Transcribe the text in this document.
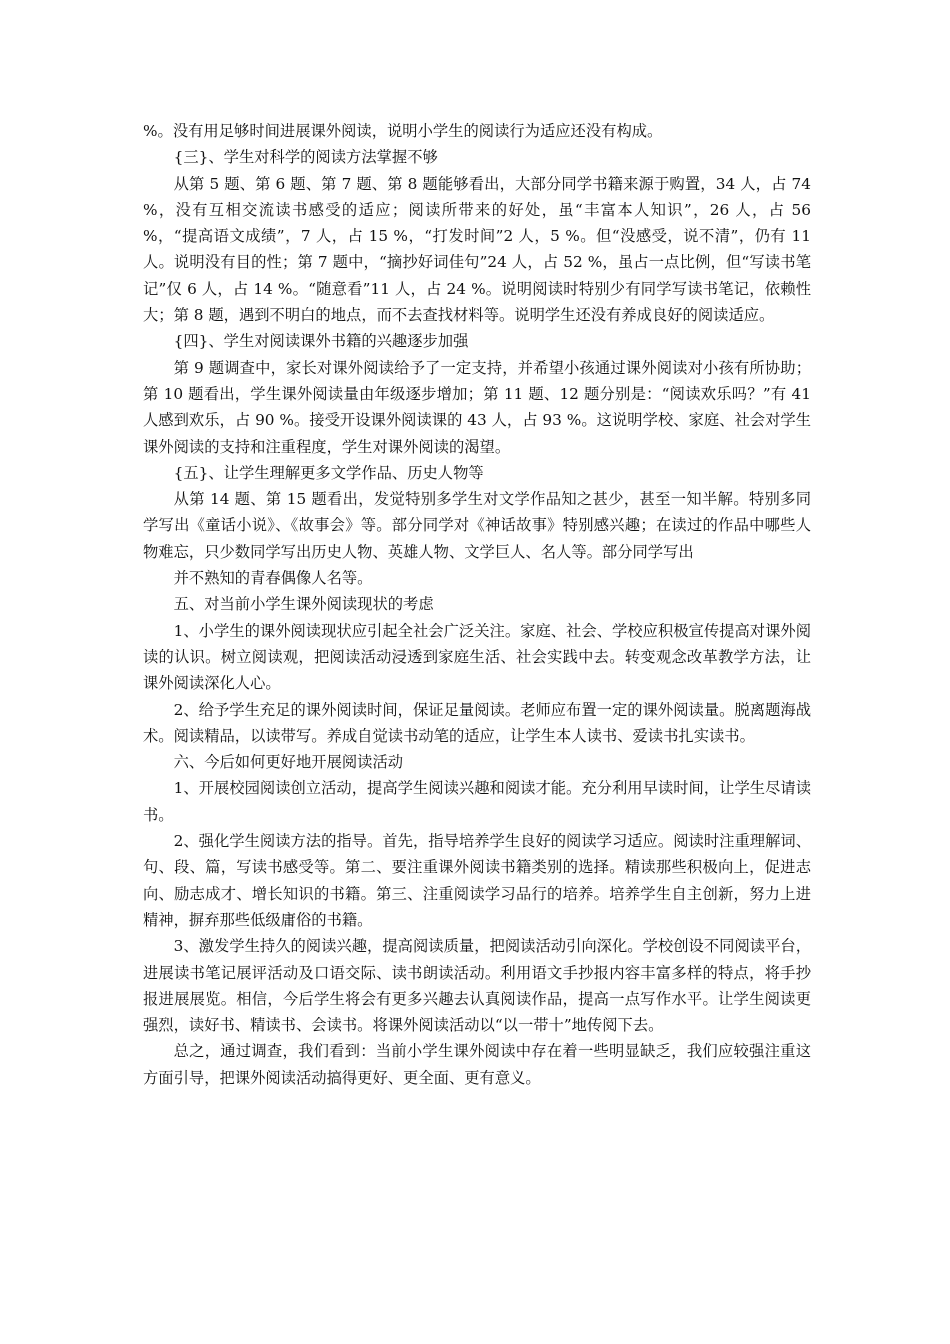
%。没有用足够时间进展课外阅读，说明小学生的阅读行为适应还没有构成。

{三}、学生对科学的阅读方法掌握不够

从第 5 题、第 6 题、第 7 题、第 8 题能够看出，大部分同学书籍来源于购置，34 人，占 74 %，没有互相交流读书感受的适应；阅读所带来的好处，虽“丰富本人知识”，26 人，占 56 %，“提高语文成绩”，7 人，占 15 %，“打发时间”2 人，5 %。但“没感受，说不清”，仍有 11 人。说明没有目的性；第 7 题中，“摘抄好词佳句”24 人，占 52 %，虽占一点比例，但“写读书笔记”仅 6 人，占 14 %。“随意看”11 人，占 24 %。说明阅读时特别少有同学写读书笔记，依赖性大；第 8 题，遇到不明白的地点，而不去查找材料等。说明学生还没有养成良好的阅读适应。

{四}、学生对阅读课外书籍的兴趣逐步加强

第 9 题调查中，家长对课外阅读给予了一定支持，并希望小孩通过课外阅读对小孩有所协助；第 10 题看出，学生课外阅读量由年级逐步增加；第 11 题、12 题分别是：“阅读欢乐吗？”有 41 人感到欢乐，占 90 %。接受开设课外阅读课的 43 人，占 93 %。这说明学校、家庭、社会对学生课外阅读的支持和注重程度，学生对课外阅读的渴望。

{五}、让学生理解更多文学作品、历史人物等

从第 14 题、第 15 题看出，发觉特别多学生对文学作品知之甚少，甚至一知半解。特别多同学写出《童话小说》、《故事会》等。部分同学对《神话故事》特别感兴趣；在读过的作品中哪些人物难忘，只少数同学写出历史人物、英雄人物、文学巨人、名人等。部分同学写出

并不熟知的青春偶像人名等。

五、对当前小学生课外阅读现状的考虑

1、小学生的课外阅读现状应引起全社会广泛关注。家庭、社会、学校应积极宣传提高对课外阅读的认识。树立阅读观，把阅读活动浸透到家庭生活、社会实践中去。转变观念改革教学方法，让课外阅读深化人心。

2、给予学生充足的课外阅读时间，保证足量阅读。老师应布置一定的课外阅读量。脱离题海战术。阅读精品，以读带写。养成自觉读书动笔的适应，让学生本人读书、爱读书扎实读书。

六、今后如何更好地开展阅读活动

1、开展校园阅读创立活动，提高学生阅读兴趣和阅读才能。充分利用早读时间，让学生尽请读书。

2、强化学生阅读方法的指导。首先，指导培养学生良好的阅读学习适应。阅读时注重理解词、句、段、篇，写读书感受等。第二、要注重课外阅读书籍类别的选择。精读那些积极向上，促进志向、励志成才、增长知识的书籍。第三、注重阅读学习品行的培养。培养学生自主创新，努力上进精神，摒弃那些低级庸俗的书籍。

3、激发学生持久的阅读兴趣，提高阅读质量，把阅读活动引向深化。学校创设不同阅读平台，进展读书笔记展评活动及口语交际、读书朗读活动。利用语文手抄报内容丰富多样的特点，将手抄报进展展览。相信，今后学生将会有更多兴趣去认真阅读作品，提高一点写作水平。让学生阅读更强烈，读好书、精读书、会读书。将课外阅读活动以“以一带十”地传阅下去。

总之，通过调查，我们看到：当前小学生课外阅读中存在着一些明显缺乏，我们应较强注重这方面引导，把课外阅读活动搞得更好、更全面、更有意义。
